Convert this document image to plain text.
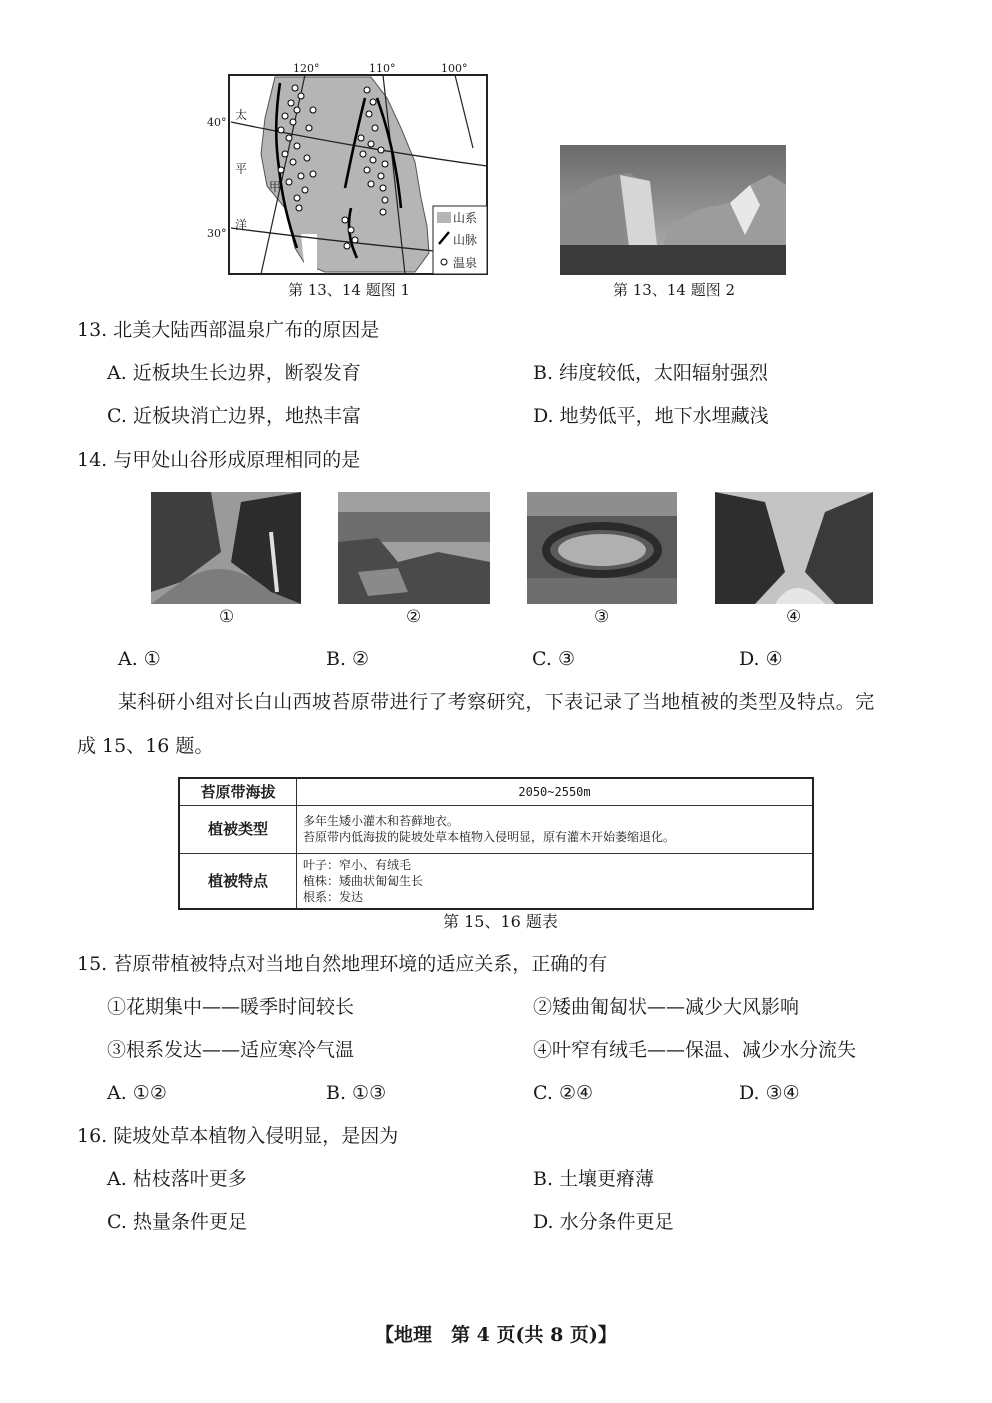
120°	110°	100°
40°
30°
太
平
洋
甲
山系
山脉
温泉
第 13、14 题图 1	第 13、14 题图 2
13. 北美大陆西部温泉广布的原因是
A. 近板块生长边界，断裂发育	B. 纬度较低，太阳辐射强烈
C. 近板块消亡边界，地热丰富	D. 地势低平，地下水埋藏浅
14. 与甲处山谷形成原理相同的是
①	②	③	④
A. ①	B. ②	C. ③	D. ④
某科研小组对长白山西坡苔原带进行了考察研究，下表记录了当地植被的类型及特点。完
成 15、16 题。
苔原带海拔	2050~2550m
植被类型	多年生矮小灌木和苔藓地衣。
苔原带内低海拔的陡坡处草本植物入侵明显，原有灌木开始萎缩退化。

植被特点	叶子：窄小、有绒毛
植株：矮曲状匍匐生长
根系：发达
第 15、16 题表
15. 苔原带植被特点对当地自然地理环境的适应关系，正确的有
①花期集中——暖季时间较长	②矮曲匍匐状——减少大风影响
③根系发达——适应寒冷气温	④叶窄有绒毛——保温、减少水分流失
A. ①②	B. ①③	C. ②④	D. ③④
16. 陡坡处草本植物入侵明显，是因为
A. 枯枝落叶更多	B. 土壤更瘠薄
C. 热量条件更足	D. 水分条件更足
【地理　第 4 页(共 8 页)】
